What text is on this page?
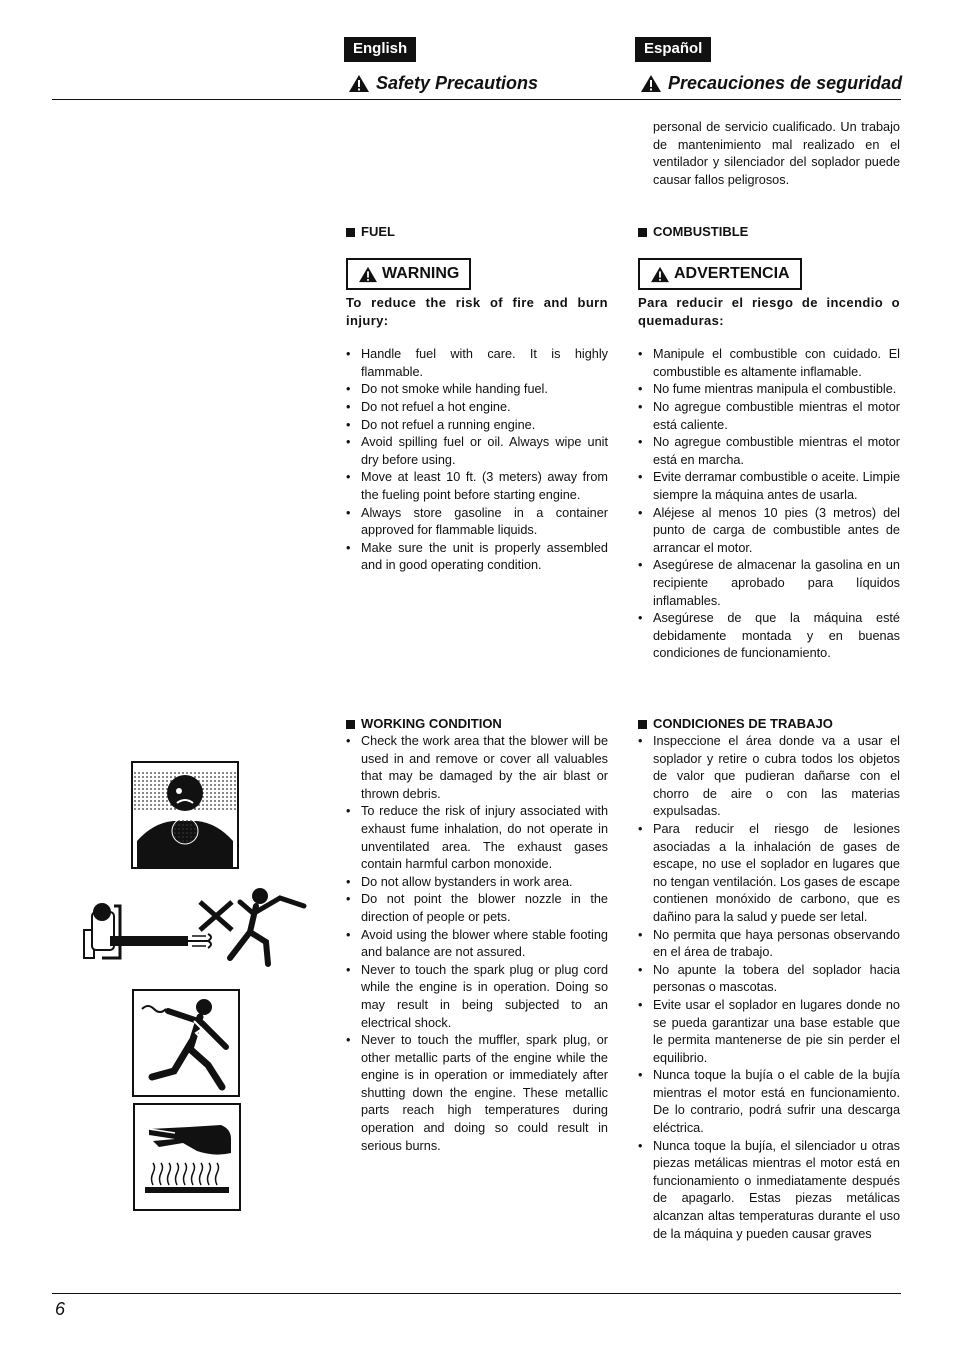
English	Español
Safety Precautions	Precauciones de seguridad

personal de servicio cualificado. Un trabajo de mantenimiento mal realizado en el ventilador y silenciador del soplador puede causar fallos peligrosos.

FUEL
WARNING
To reduce the risk of fire and burn injury:
• Handle fuel with care. It is highly flammable.
• Do not smoke while handing fuel.
• Do not refuel a hot engine.
• Do not refuel a running engine.
• Avoid spilling fuel or oil. Always wipe unit dry before using.
• Move at least 10 ft. (3 meters) away from the fueling point before starting engine.
• Always store gasoline in a container approved for flammable liquids.
• Make sure the unit is properly assembled and in good operating condition.
COMBUSTIBLE
ADVERTENCIA
Para reducir el riesgo de incendio o quemaduras:
• Manipule el combustible con cuidado. El combustible es altamente inflamable.
• No fume mientras manipula el combustible.
• No agregue combustible mientras el motor está caliente.
• No agregue combustible mientras el motor está en marcha.
• Evite derramar combustible o aceite. Limpie siempre la máquina antes de usarla.
• Aléjese al menos 10 pies (3 metros) del punto de carga de combustible antes de arrancar el motor.
• Asegúrese de almacenar la gasolina en un recipiente aprobado para líquidos inflamables.
• Asegúrese de que la máquina esté debidamente montada y en buenas condiciones de funcionamiento.
WORKING CONDITION
• Check the work area that the blower will be used in and remove or cover all valuables that may be damaged by the air blast or thrown debris.
• To reduce the risk of injury associated with exhaust fume inhalation, do not operate in unventilated area. The exhaust gases contain harmful carbon monoxide.
• Do not allow bystanders in work area.
• Do not point the blower nozzle in the direction of people or pets.
• Avoid using the blower where stable footing and balance are not assured.
• Never to touch the spark plug or plug cord while the engine is in operation. Doing so may result in being subjected to an electrical shock.
• Never to touch the muffler, spark plug, or other metallic parts of the engine while the engine is in operation or immediately after shutting down the engine. These metallic parts reach high temperatures during operation and doing so could result in serious burns.
CONDICIONES DE TRABAJO
• Inspeccione el área donde va a usar el soplador y retire o cubra todos los objetos de valor que pudieran dañarse con el chorro de aire o con las materias expulsadas.
• Para reducir el riesgo de lesiones asociadas a la inhalación de gases de escape, no use el soplador en lugares que no tengan ventilación. Los gases de escape contienen monóxido de carbono, que es dañino para la salud y puede ser letal.
• No permita que haya personas observando en el área de trabajo.
• No apunte la tobera del soplador hacia personas o mascotas.
• Evite usar el soplador en lugares donde no se pueda garantizar una base estable que le permita mantenerse de pie sin perder el equilibrio.
• Nunca toque la bujía o el cable de la bujía mientras el motor está en funcionamiento. De lo contrario, podrá sufrir una descarga eléctrica.
• Nunca toque la bujía, el silenciador u otras piezas metálicas mientras el motor está en funcionamiento o inmediatamente después de apagarlo. Estas piezas metálicas alcanzan altas temperaturas durante el uso de la máquina y pueden causar graves
6
